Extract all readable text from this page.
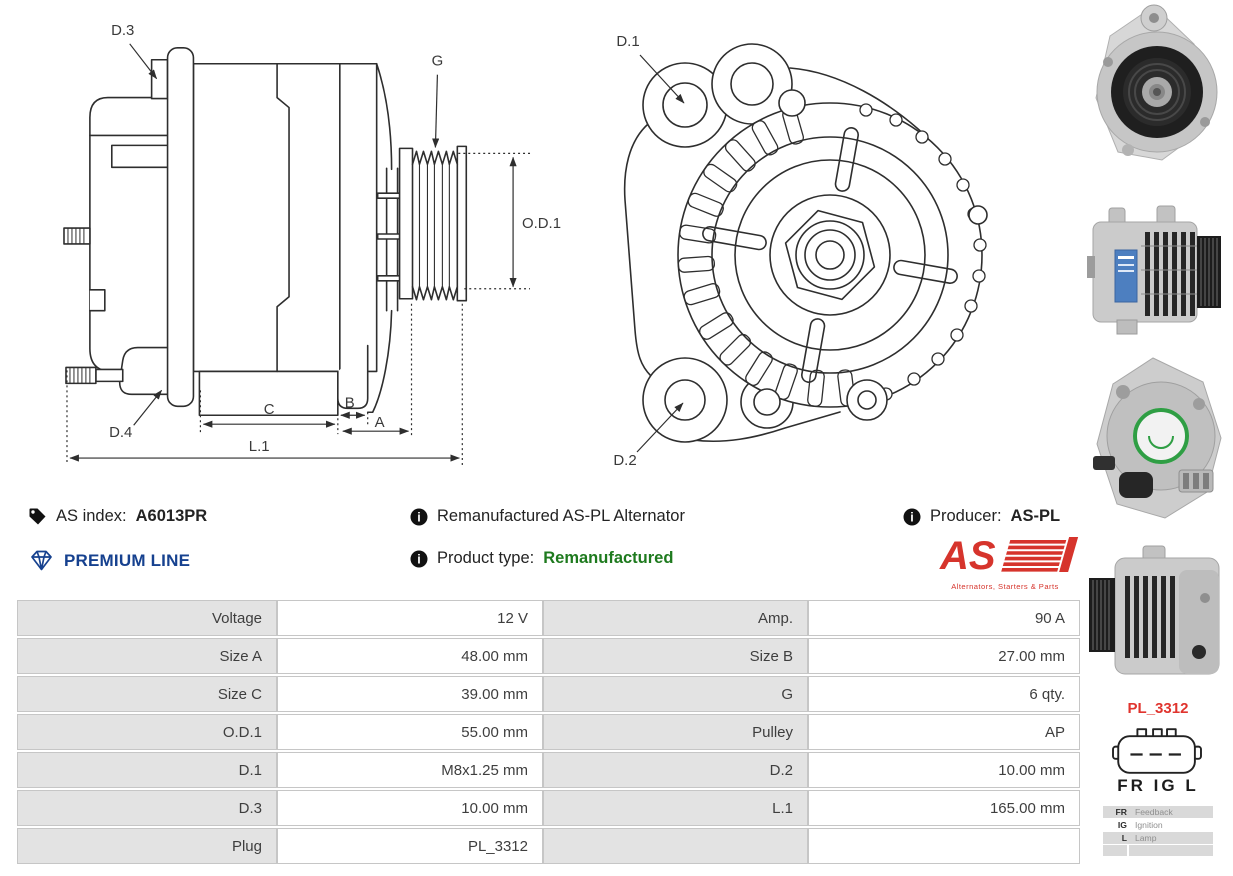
D.3
D.4
G
O.D.1
C	B
A
L.1
D.1
D.2
AS index: A6013PR	i Remanufactured AS-PL Alternator	i Producer: AS-PL
PREMIUM LINE	i Product type: Remanufactured	AS
Alternators, Starters & Parts
Voltage	12 V	Amp.	90 A
Size A	48.00 mm	Size B	27.00 mm
Size C	39.00 mm	G	6 qty.
O.D.1	55.00 mm	Pulley	AP
D.1	M8x1.25 mm	D.2	10.00 mm
D.3	10.00 mm	L.1	165.00 mm
Plug	PL_3312		
PL_3312
FR IG L
FR Feedback
IG Ignition
L Lamp
